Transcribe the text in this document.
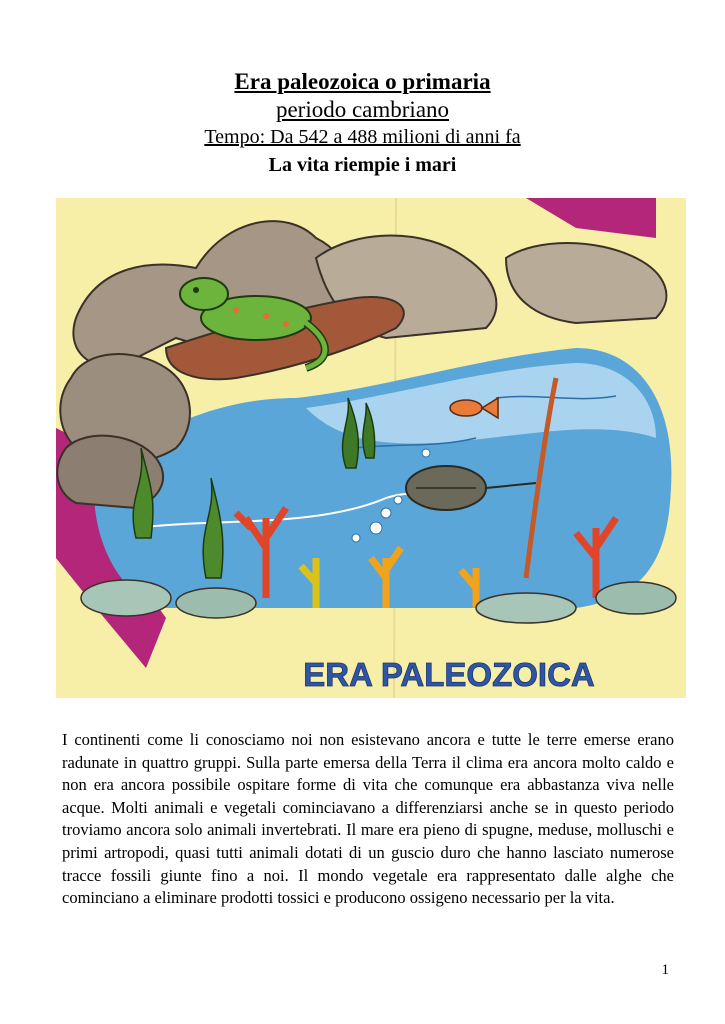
Era paleozoica o primaria
periodo cambriano
Tempo: Da 542 a 488 milioni di anni fa
La vita riempie i mari
ERA PALEOZOICA

I continenti come li conosciamo noi non esistevano ancora e tutte le terre emerse erano radunate in quattro gruppi. Sulla parte emersa della Terra il clima era ancora molto caldo e non era ancora possibile ospitare forme di vita che comunque era abbastanza viva nelle acque. Molti animali e vegetali cominciavano a differenziarsi anche se in questo periodo troviamo ancora solo animali invertebrati. Il mare era pieno di spugne, meduse, molluschi e primi artropodi, quasi tutti animali dotati di un guscio duro che hanno lasciato numerose tracce fossili giunte fino a noi. Il mondo vegetale era rappresentato dalle alghe che cominciano a eliminare prodotti tossici e producono ossigeno necessario per la vita.

1
